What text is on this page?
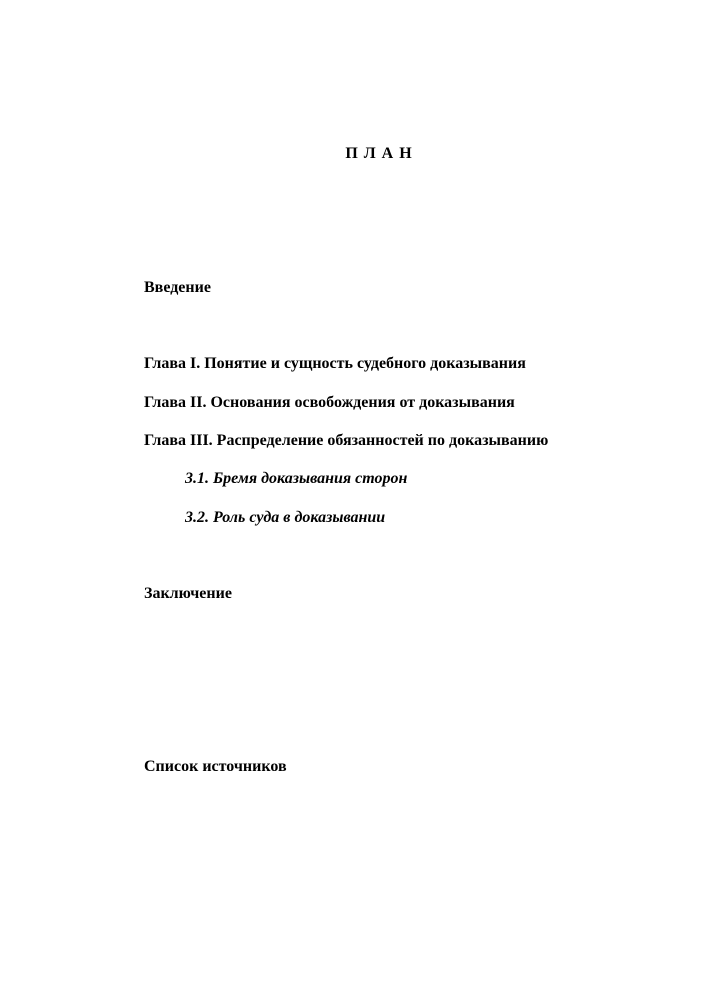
П Л А Н

Введение

Глава I. Понятие и сущность судебного доказывания

Глава II. Основания освобождения от доказывания

Глава III. Распределение обязанностей по доказыванию

3.1. Бремя доказывания сторон

3.2. Роль суда в доказывании

Заключение

Список источников
